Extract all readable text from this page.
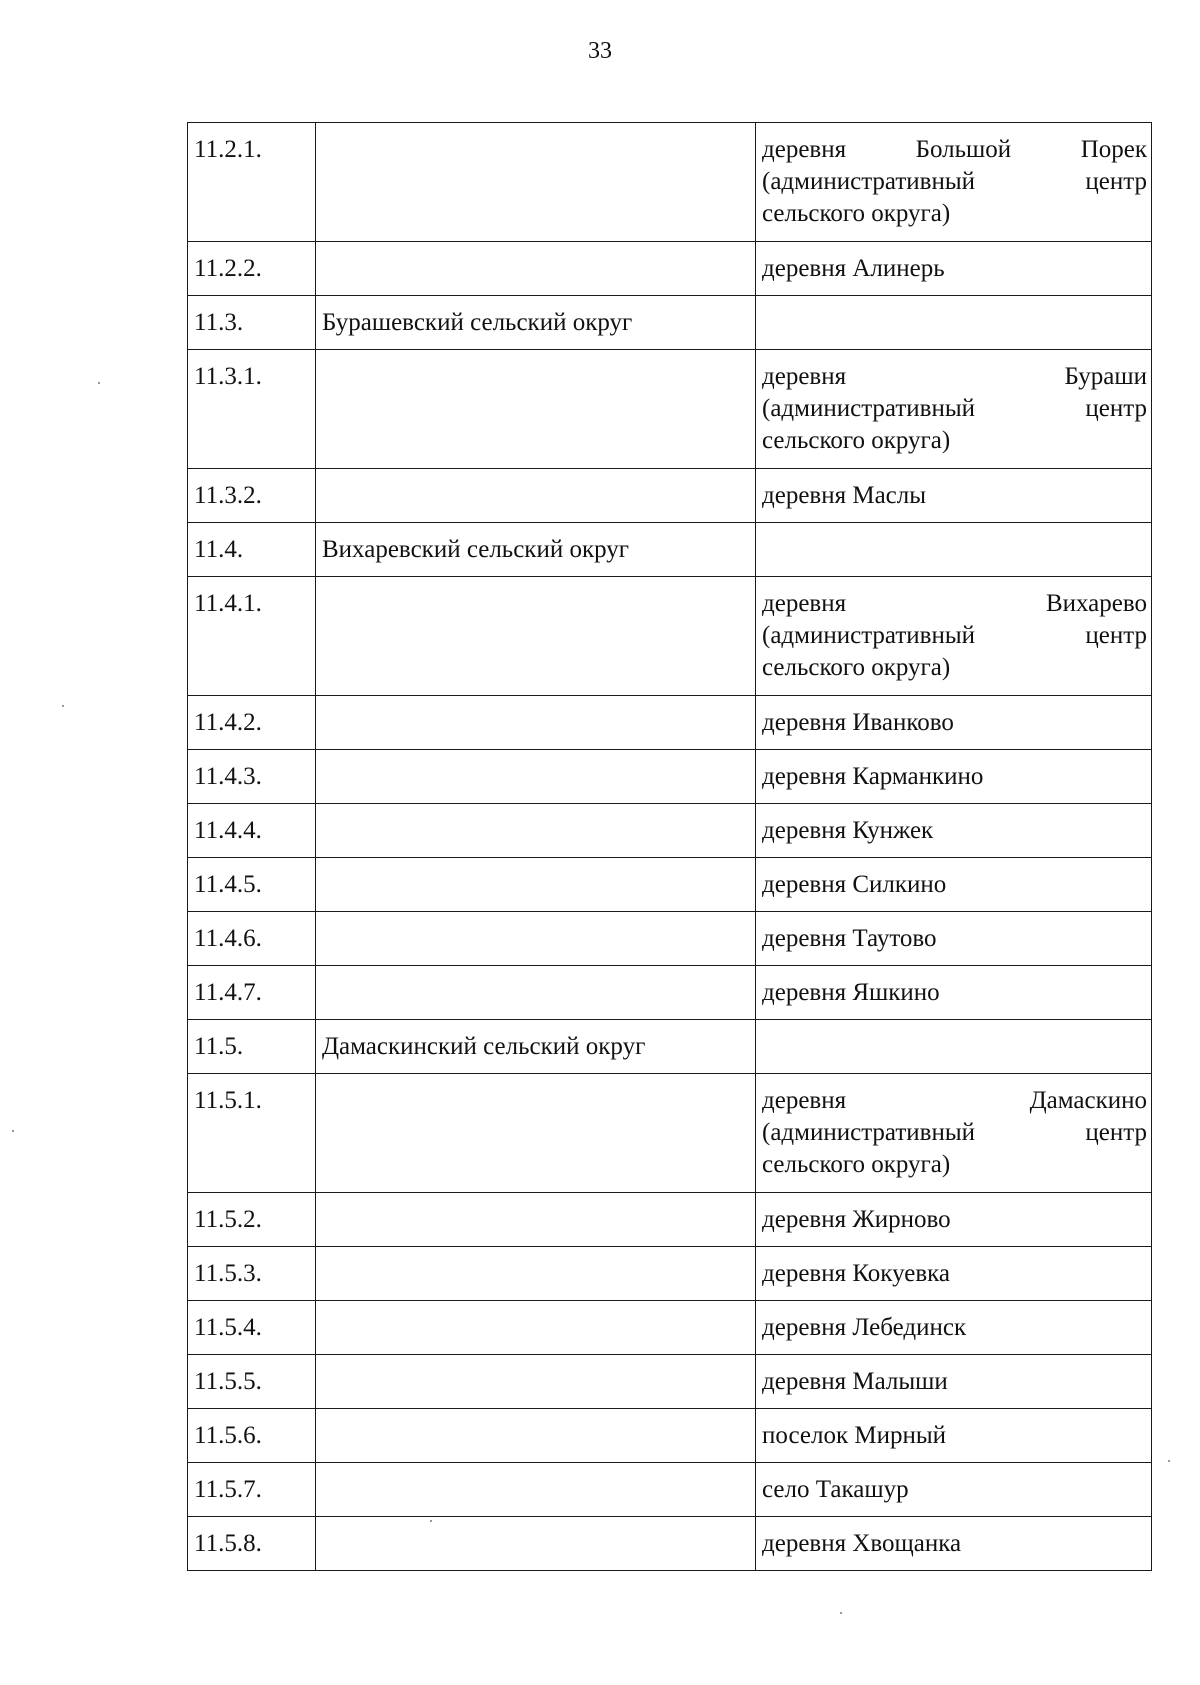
33
11.2.1.		деревня Большой Порек (административный центр сельского округа)
11.2.2.		деревня Алинерь
11.3.	Бурашевский сельский округ	
11.3.1.		деревня Бураши (административный центр сельского округа)
11.3.2.		деревня Маслы
11.4.	Вихаревский сельский округ	
11.4.1.		деревня Вихарево (административный центр сельского округа)
11.4.2.		деревня Иванково
11.4.3.		деревня Карманкино
11.4.4.		деревня Кунжек
11.4.5.		деревня Силкино
11.4.6.		деревня Таутово
11.4.7.		деревня Яшкино
11.5.	Дамаскинский сельский округ	
11.5.1.		деревня Дамаскино (административный центр сельского округа)
11.5.2.		деревня Жирново
11.5.3.		деревня Кокуевка
11.5.4.		деревня Лебединск
11.5.5.		деревня Малыши
11.5.6.		поселок Мирный
11.5.7.		село Такашур
11.5.8.		деревня Хвощанка
